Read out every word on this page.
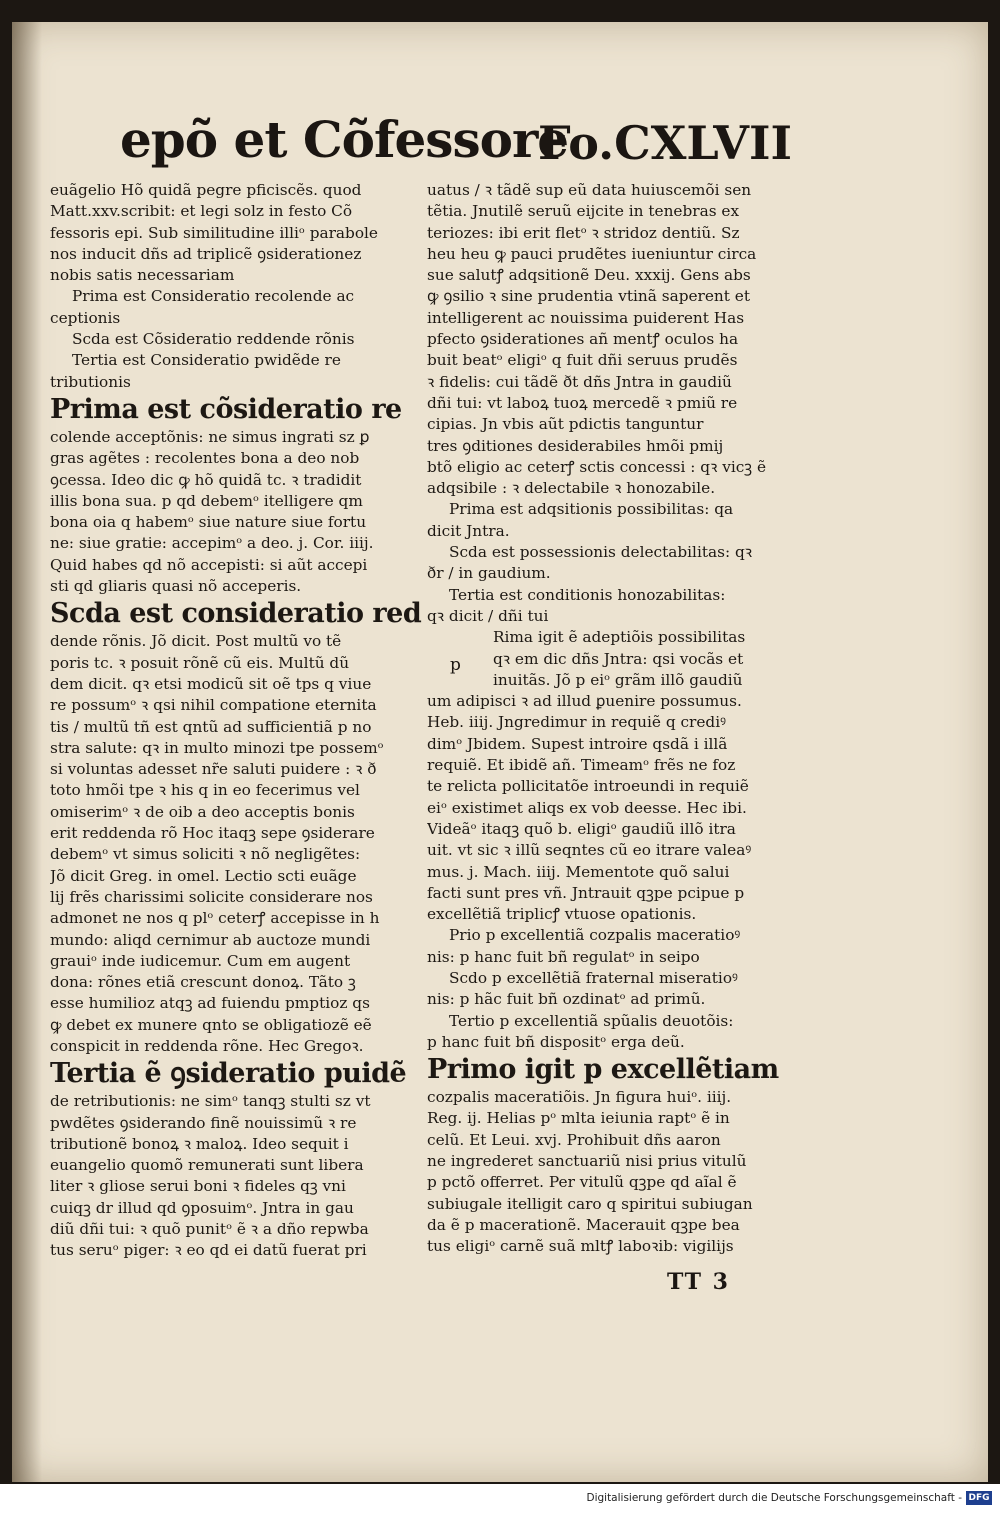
epõ et Cõfessore
Fo.CXLVII
euãgelio Hõ quidã pegre pficiscẽs. quod
Matt.xxv.scribit: et legi solz in festo Cõ
fessoris epi. Sub similitudine illiᵒ parabole
nos inducit dñs ad triplicẽ ꝯsiderationez
nobis satis necessariam
Prima est Consideratio recolende ac
ceptionis
Scda est Cõsideratio reddende rõnis
Tertia est Consideratio pwidẽde re
tributionis
Prima est cõsideratio re
colende acceptõnis: ne simus ingrati sz ꝑ
gras agẽtes : recolentes bona a deo nob
ꝯcessa. Ideo dic ꝙ hõ quidã tc. ꝛ tradidit
illis bona sua. p qd debemᵒ itelligere qm
bona oia q habemᵒ siue nature siue fortu
ne: siue gratie: accepimᵒ a deo. j. Cor. iiij.
Quid habes qd nõ accepisti: si aũt accepi
sti qd gliaris quasi nõ acceperis.
Scda est consideratio red
dende rõnis. Jõ dicit. Post multũ vo tẽ
poris tc. ꝛ posuit rõnẽ cũ eis. Multũ dũ
dem dicit. qꝛ etsi modicũ sit oẽ tps q viue
re possumᵒ ꝛ qsi nihil compatione eternita
tis / multũ tñ est qntũ ad sufficientiã p no
stra salute: qꝛ in multo minozi tpe possemᵒ
si voluntas adesset nr̃e saluti puidere : ꝛ ð
toto hmõi tpe ꝛ his q in eo fecerimus vel
omiserimᵒ ꝛ de oib a deo acceptis bonis
erit reddenda rõ Hoc itaqꝫ sepe ꝯsiderare
debemᵒ vt simus soliciti ꝛ nõ negligẽtes:
Jõ dicit Greg. in omel. Lectio scti euãge
lij frẽs charissimi solicite considerare nos
admonet ne nos q plᵒ ceterꝭ accepisse in h
mundo: aliqd cernimur ab auctoze mundi
grauiᵒ inde iudicemur. Cum em augent
dona: rõnes etiã crescunt donoꝝ. Tãto ꝫ
esse humilioz atqꝫ ad fuiendu pmptioz qs
ꝙ debet ex munere qnto se obligatiozẽ eẽ
conspicit in reddenda rõne. Hec Gregoꝛ.
Tertia ẽ ꝯsideratio puidẽ
de retributionis: ne simᵒ tanqꝫ stulti sz vt
pwdẽtes ꝯsiderando finẽ nouissimũ ꝛ re
tributionẽ bonoꝝ ꝛ maloꝝ. Ideo sequit i
euangelio quomõ remunerati sunt libera
liter ꝛ gliose serui boni ꝛ fideles qꝫ vni
cuiqꝫ dr illud qd ꝯposuimᵒ. Jntra in gau
diũ dñi tui: ꝛ quõ punitᵒ ẽ ꝛ a dño repwba
tus seruᵒ piger: ꝛ eo qd ei datũ fuerat pri
uatus / ꝛ tãdẽ sup eũ data huiuscemõi sen
tẽtia. Jnutilẽ seruũ eijcite in tenebras ex
teriozes: ibi erit fletᵒ ꝛ stridoz dentiũ. Sz
heu heu ꝙ pauci prudẽtes iueniuntur circa
sue salutꝭ adqsitionẽ Deu. xxxij. Gens abs
ꝙ ꝯsilio ꝛ sine prudentia vtinã saperent et
intelligerent ac nouissima puiderent Has
pfecto ꝯsiderationes añ mentꝭ oculos ha
buit beatᵒ eligiᵒ q fuit dñi seruus prudẽs
ꝛ fidelis: cui tãdẽ ðt dñs Jntra in gaudiũ
dñi tui: vt laboꝝ tuoꝝ mercedẽ ꝛ pmiũ re
cipias. Jn vbis aũt pdictis tanguntur
tres ꝯditiones desiderabiles hmõi pmij
btõ eligio ac ceterꝭ sctis concessi : qꝛ vicꝫ ẽ
adqsibile : ꝛ delectabile ꝛ honozabile.
Prima est adqsitionis possibilitas: qa
dicit Jntra.
Scda est possessionis delectabilitas: qꝛ
ðr / in gaudium.
Tertia est conditionis honozabilitas:
qꝛ dicit / dñi tui
Rima igit ẽ adeptiõis possibilitas
qꝛ em dic dñs Jntra: qsi vocãs et
inuitãs. Jõ p eiᵒ grãm illõ gaudiũ
um adipisci ꝛ ad illud ꝑuenire possumus.
Heb. iiij. Jngredimur in requiẽ q crediꝰ
dimᵒ Jbidem. Supest introire qsdã i illã
requiẽ. Et ibidẽ añ. Timeamᵒ frẽs ne foz
te relicta pollicitatõe introeundi in requiẽ
eiᵒ existimet aliqs ex vob deesse. Hec ibi.
Videãᵒ itaqꝫ quõ b. eligiᵒ gaudiũ illõ itra
uit. vt sic ꝛ illũ seqntes cũ eo itrare valeaꝰ
mus. j. Mach. iiij. Mementote quõ salui
facti sunt pres vñ. Jntrauit qꝫpe pcipue p
excellẽtiã triplicꝭ vtuose opationis.
Prio p excellentiã cozpalis maceratioꝰ
nis: p hanc fuit bñ regulatᵒ in seipo
Scdo p excellẽtiã fraternal miseratioꝰ
nis: p hãc fuit bñ ozdinatᵒ ad primũ.
Tertio p excellentiã spũalis deuotõis:
p hanc fuit bñ dispositᵒ erga deũ.
Primo igit p excellẽtiam
cozpalis maceratiõis. Jn figura huiᵒ. iiij.
Reg. ij. Helias pᵒ mlta ieiunia raptᵒ ẽ in
celũ. Et Leui. xvj. Prohibuit dñs aaron
ne ingrederet sanctuariũ nisi prius vitulũ
p pctõ offerret. Per vitulũ qꝫpe qd aĩal ẽ
subiugale itelligit caro q spiritui subiugan
da ẽ p macerationẽ. Macerauit qꝫpe bea
tus eligiᵒ carnẽ suã mltꝭ laboꝛib: vigilijs
p
TT 3
Digitalisierung gefördert durch die Deutsche Forschungsgemeinschaft - DFG
